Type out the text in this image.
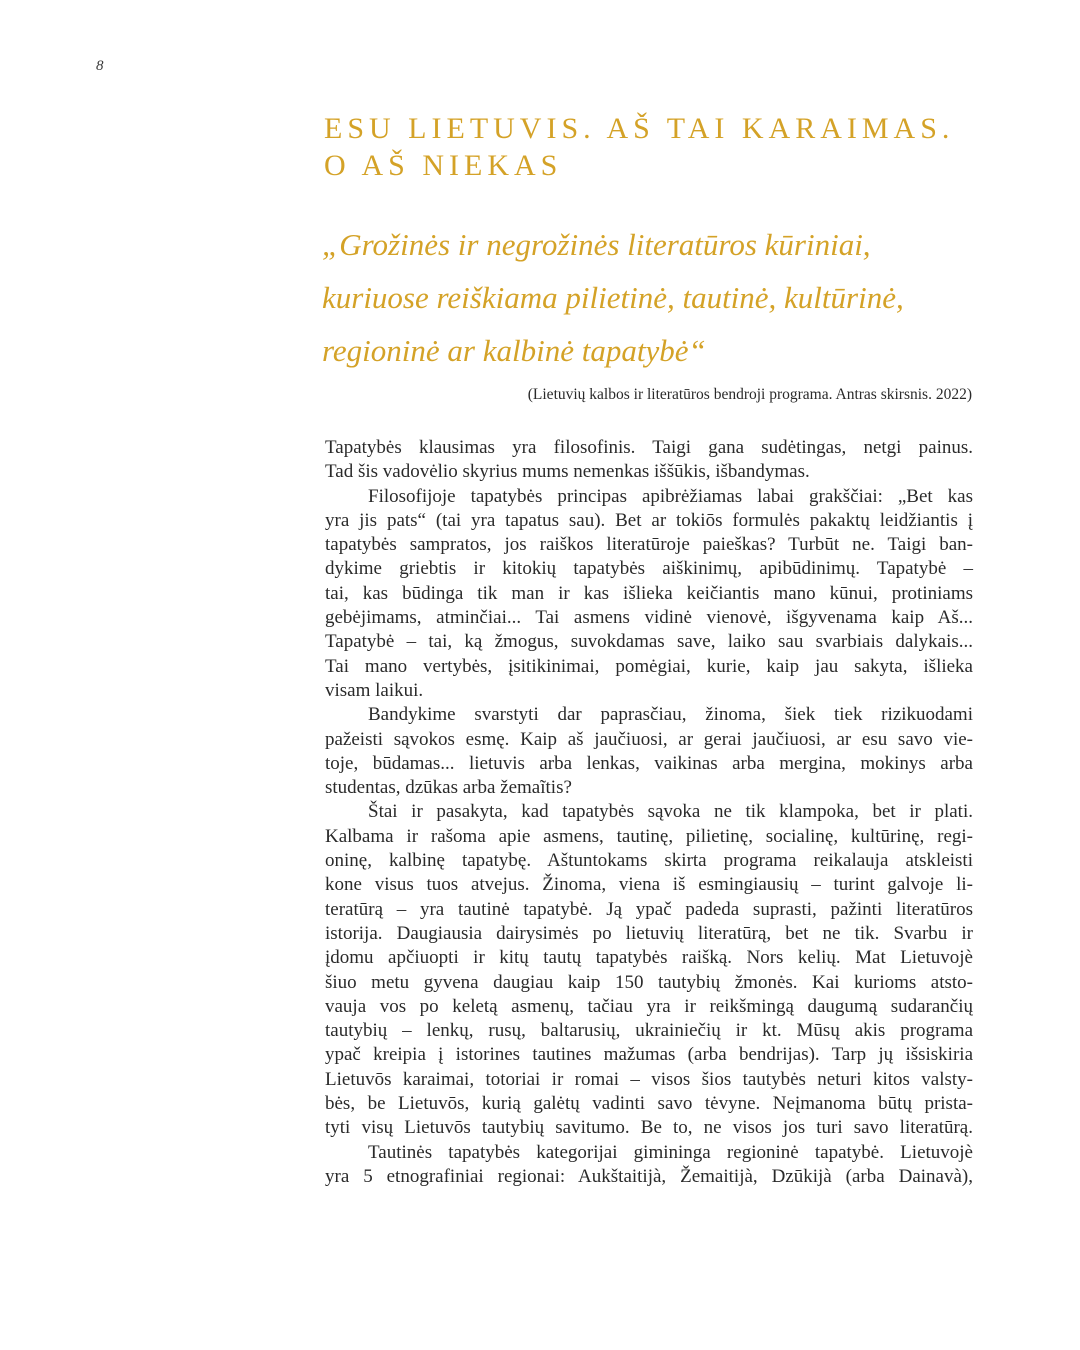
8
ESU LIETUVIS. AŠ TAI KARAIMAS.
O AŠ NIEKAS
„Grožinės ir negrožinės literatūros kūriniai,
kuriuose reiškiama pilietinė, tautinė, kultūrinė,
regioninė ar kalbinė tapatybė“
(Lietuvių kalbos ir literatūros bendroji programa. Antras skirsnis. 2022)
Tapatybės klausimas yra filosofinis. Taigi gana sudėtingas, netgi painus.
Tad šis vadovėlio skyrius mums nemenkas iššūkis, išbandymas.
Filosofijoje tapatybės principas apibrėžiamas labai grakščiai: „Bet kas
yra jis pats“ (tai yra tapatus sau). Bet ar tokiōs formulės pakaktų leidžiantis į
tapatybės sampratos, jos raiškos literatūroje paieškas? Turbūt ne. Taigi ban-
dykime griebtis ir kitokių tapatybės aiškinimų, apibūdinimų. Tapatybė –
tai, kas būdinga tik man ir kas išlieka keičiantis mano kūnui, protiniams
gebėjimams, atminčiai... Tai asmens vidinė vienovė, išgyvenama kaip Aš...
Tapatybė – tai, ką žmogus, suvokdamas save, laiko sau svarbiais dalykais...
Tai mano vertybės, įsitikinimai, pomėgiai, kurie, kaip jau sakyta, išlieka
visam laikui.
Bandykime svarstyti dar paprasčiau, žinoma, šiek tiek rizikuodami
pažeisti sąvokos esmę. Kaip aš jaučiuosi, ar gerai jaučiuosi, ar esu savo vie-
toje, būdamas... lietuvis arba lenkas, vaikinas arba mergina, mokinys arba
studentas, dzūkas arba žemaĩtis?
Štai ir pasakyta, kad tapatybės sąvoka ne tik klampoka, bet ir plati.
Kalbama ir rašoma apie asmens, tautinę, pilietinę, socialinę, kultūrinę, regi-
oninę, kalbinę tapatybę. Aštuntokams skirta programa reikalauja atskleisti
kone visus tuos atvejus. Žinoma, viena iš esmingiausių – turint galvoje li-
teratūrą – yra tautinė tapatybė. Ją ypač padeda suprasti, pažinti literatūros
istorija. Daugiausia dairysimės po lietuvių literatūrą, bet ne tik. Svarbu ir
įdomu apčiuopti ir kitų tautų tapatybės raišką. Nors kelių. Mat Lietuvojè
šiuo metu gyvena daugiau kaip 150 tautybių žmonės. Kai kurioms atsto-
vauja vos po keletą asmenų, tačiau yra ir reikšmingą daugumą sudarančių
tautybių – lenkų, rusų, baltarusių, ukrainiečių ir kt. Mūsų akis programa
ypač kreipia į istorines tautines mažumas (arba bendrijas). Tarp jų išsiskiria
Lietuvōs karaimai, totoriai ir romai – visos šios tautybės neturi kitos valsty-
bės, be Lietuvōs, kurią galėtų vadinti savo tėvyne. Neįmanoma būtų prista-
tyti visų Lietuvōs tautybių savitumo. Be to, ne visos jos turi savo literatūrą.
Tautinės tapatybės kategorijai gimininga regioninė tapatybė. Lietuvojè
yra 5 etnografiniai regionai: Aukštaitijà, Žemaitijà, Dzūkijà (arba Dainavà),
